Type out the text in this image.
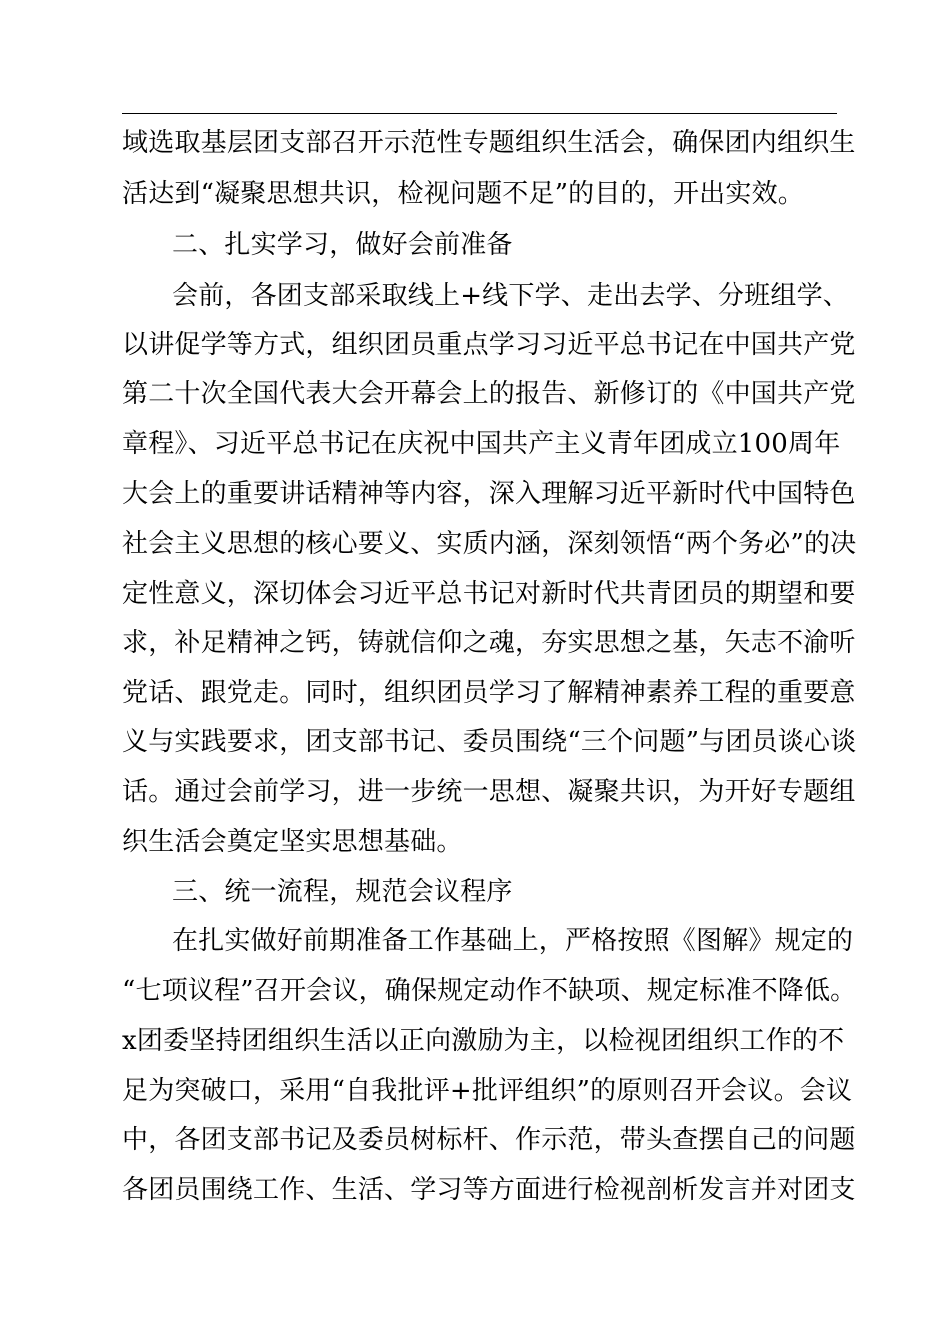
域选取基层团支部召开示范性专题组织生活会，确保团内组织生
活达到“凝聚思想共识，检视问题不足”的目的，开出实效。
二、扎实学习，做好会前准备
会前，各团支部采取线上+线下学、走出去学、分班组学、
以讲促学等方式，组织团员重点学习习近平总书记在中国共产党
第二十次全国代表大会开幕会上的报告、新修订的《中国共产党
章程》、习近平总书记在庆祝中国共产主义青年团成立100周年
大会上的重要讲话精神等内容，深入理解习近平新时代中国特色
社会主义思想的核心要义、实质内涵，深刻领悟“两个务必”的决
定性意义，深切体会习近平总书记对新时代共青团员的期望和要
求，补足精神之钙，铸就信仰之魂，夯实思想之基，矢志不渝听
党话、跟党走。同时，组织团员学习了解精神素养工程的重要意
义与实践要求，团支部书记、委员围绕“三个问题”与团员谈心谈
话。通过会前学习，进一步统一思想、凝聚共识，为开好专题组
织生活会奠定坚实思想基础。
三、统一流程，规范会议程序
在扎实做好前期准备工作基础上，严格按照《图解》规定的
“七项议程”召开会议，确保规定动作不缺项、规定标准不降低。
x团委坚持团组织生活以正向激励为主，以检视团组织工作的不
足为突破口，采用“自我批评+批评组织”的原则召开会议。会议
中，各团支部书记及委员树标杆、作示范，带头查摆自己的问题
各团员围绕工作、生活、学习等方面进行检视剖析发言并对团支
